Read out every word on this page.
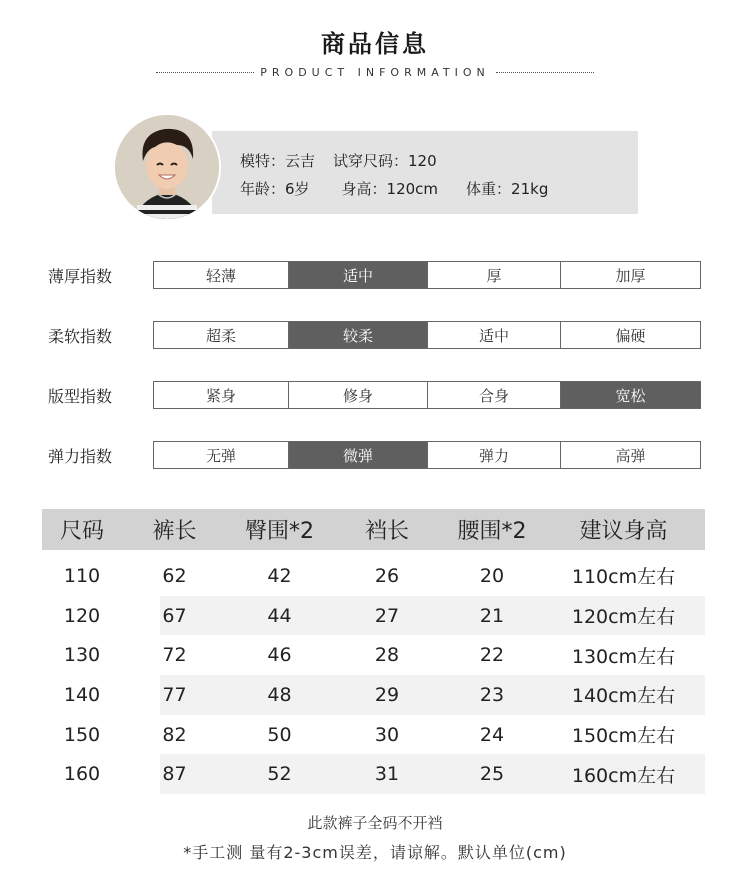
商品信息
PRODUCT INFORMATION
模特：云吉 试穿尺码：120
年龄：6岁 身高：120cm 体重：21kg
薄厚指数	轻薄	适中	厚	加厚
柔软指数	超柔	较柔	适中	偏硬
版型指数	紧身	修身	合身	宽松
弹力指数	无弹	微弹	弹力	高弹
尺码	裤长	臀围*2	裆长	腰围*2	建议身高
110	62	42	26	20	110cm左右
120	67	44	27	21	120cm左右
130	72	46	28	22	130cm左右
140	77	48	29	23	140cm左右
150	82	50	30	24	150cm左右
160	87	52	31	25	160cm左右
此款裤子全码不开裆
*手工测 量有2-3cm误差，请谅解。默认单位(cm)
